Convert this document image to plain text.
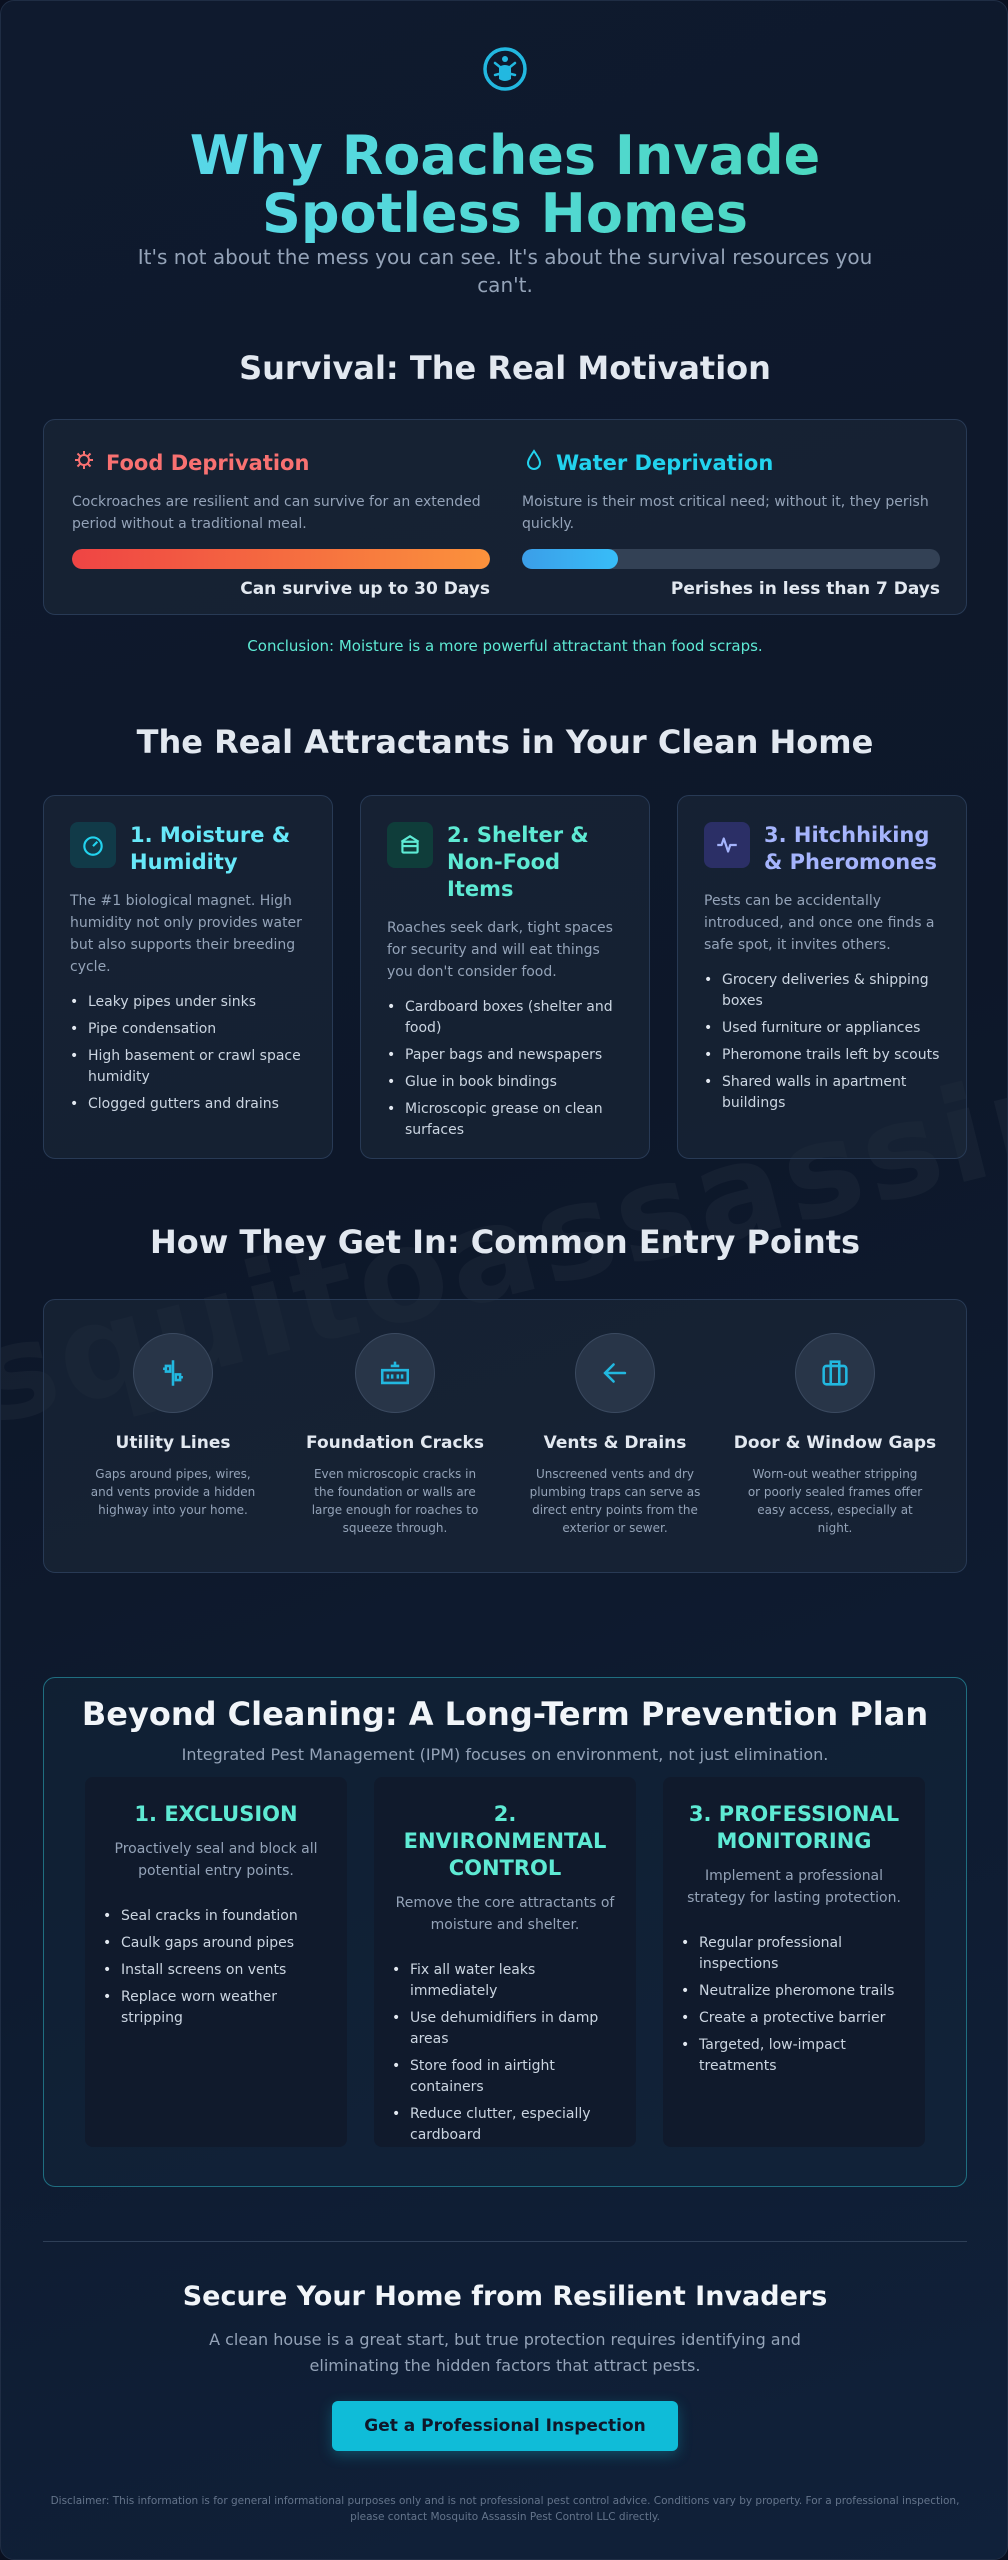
Why Roaches Invade Spotless Homes

It's not about the mess you can see. It's about the survival resources you can't.

Survival: The Real Motivation
Food Deprivation

Cockroaches are resilient and can survive for an extended period without a traditional meal.

Can survive up to 30 Days
Water Deprivation

Moisture is their most critical need; without it, they perish quickly.

Perishes in less than 7 Days

Conclusion: Moisture is a more powerful attractant than food scraps.

The Real Attractants in Your Clean Home
1. Moisture & Humidity

The #1 biological magnet. High humidity not only provides water but also supports their breeding cycle.

• Leaky pipes under sinks
• Pipe condensation
• High basement or crawl space humidity
• Clogged gutters and drains
2. Shelter & Non-Food Items

Roaches seek dark, tight spaces for security and will eat things you don't consider food.

• Cardboard boxes (shelter and food)
• Paper bags and newspapers
• Glue in book bindings
• Microscopic grease on clean surfaces
3. Hitchhiking & Pheromones

Pests can be accidentally introduced, and once one finds a safe spot, it invites others.

• Grocery deliveries & shipping boxes
• Used furniture or appliances
• Pheromone trails left by scouts
• Shared walls in apartment buildings
How They Get In: Common Entry Points
Utility Lines

Gaps around pipes, wires, and vents provide a hidden highway into your home.

Foundation Cracks

Even microscopic cracks in the foundation or walls are large enough for roaches to squeeze through.

Vents & Drains

Unscreened vents and dry plumbing traps can serve as direct entry points from the exterior or sewer.

Door & Window Gaps

Worn-out weather stripping or poorly sealed frames offer easy access, especially at night.

Beyond Cleaning: A Long-Term Prevention Plan

Integrated Pest Management (IPM) focuses on environment, not just elimination.

1. EXCLUSION

Proactively seal and block all potential entry points.

• Seal cracks in foundation
• Caulk gaps around pipes
• Install screens on vents
• Replace worn weather stripping
2. ENVIRONMENTAL CONTROL

Remove the core attractants of moisture and shelter.

• Fix all water leaks immediately
• Use dehumidifiers in damp areas
• Store food in airtight containers
• Reduce clutter, especially cardboard
3. PROFESSIONAL MONITORING

Implement a professional strategy for lasting protection.

• Regular professional inspections
• Neutralize pheromone trails
• Create a protective barrier
• Targeted, low-impact treatments
Secure Your Home from Resilient Invaders

A clean house is a great start, but true protection requires identifying and eliminating the hidden factors that attract pests.

Get a Professional Inspection

Disclaimer: This information is for general informational purposes only and is not professional pest control advice. Conditions vary by property. For a professional inspection, please contact Mosquito Assassin Pest Control LLC directly.
